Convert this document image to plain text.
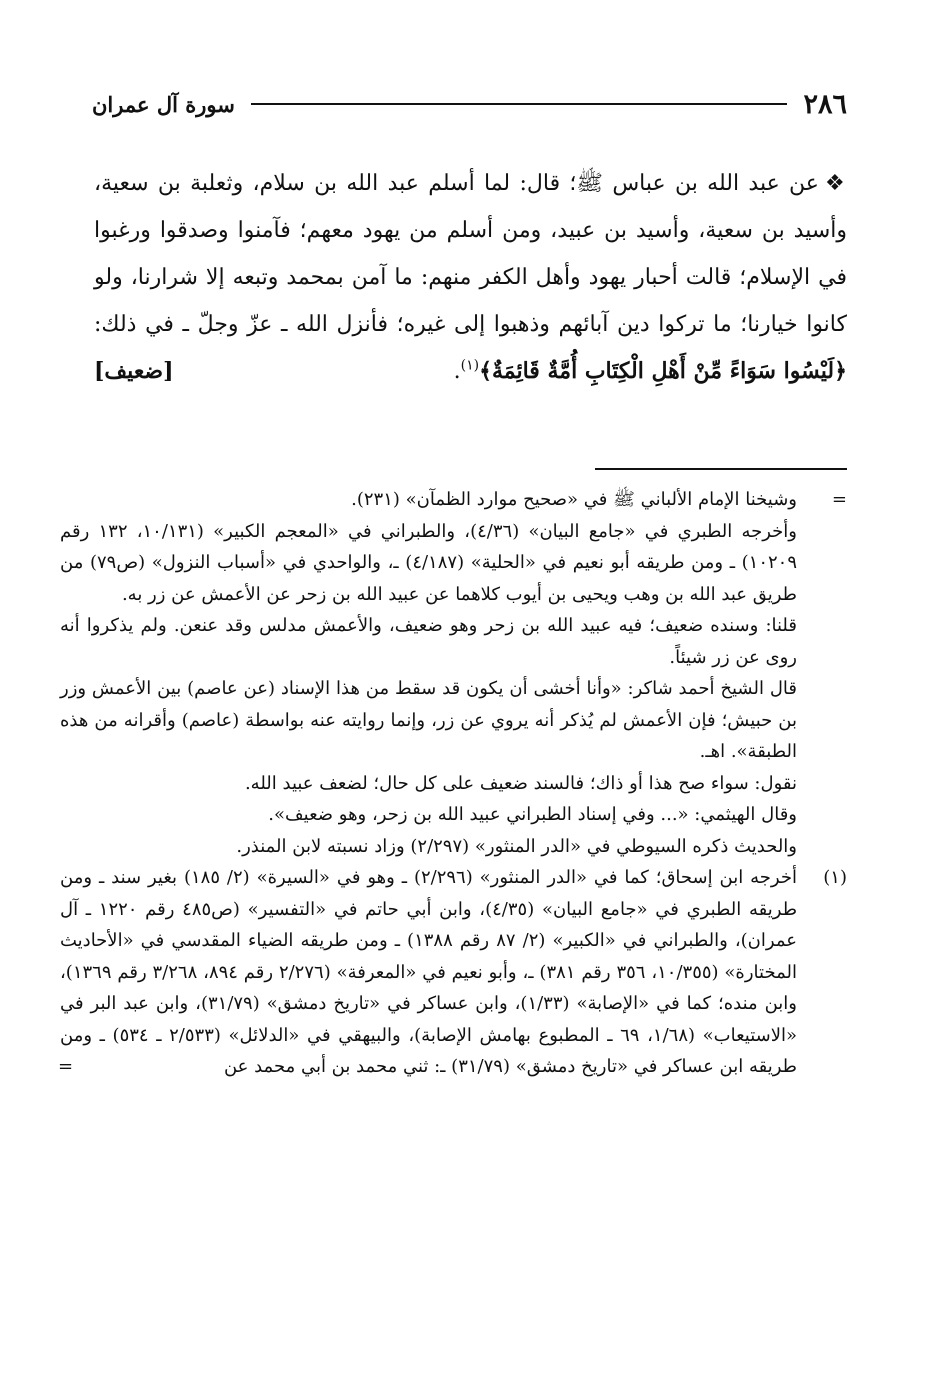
٢٨٦
سورة آل عمران
❖عن عبد الله بن عباس ﷺ؛ قال: لما أسلم عبد الله بن سلام، وثعلبة بن سعية، وأسيد بن سعية، وأسيد بن عبيد، ومن أسلم من يهود معهم؛ فآمنوا وصدقوا ورغبوا في الإسلام؛ قالت أحبار يهود وأهل الكفر منهم: ما آمن بمحمد وتبعه إلا شرارنا، ولو كانوا خيارنا؛ ما تركوا دين آبائهم وذهبوا إلى غيره؛ فأنزل الله ـ عزّ وجلّ ـ في ذلك: ﴿لَيْسُوا سَوَاءً مِّنْ أَهْلِ الْكِتَابِ أُمَّةٌ قَائِمَةٌ﴾$^{(١)}$.
[ضعيف]
=

وشيخنا الإمام الألباني ﷺ في «صحيح موارد الظمآن» (٢٣١).

وأخرجه الطبري في «جامع البيان» (٤/٣٦)، والطبراني في «المعجم الكبير» (١٠/١٣١، ١٣٢ رقم ١٠٢٠٩) ـ ومن طريقه أبو نعيم في «الحلية» (٤/١٨٧) ـ، والواحدي في «أسباب النزول» (ص٧٩) من طريق عبد الله بن وهب ويحيى بن أيوب كلاهما عن عبيد الله بن زحر عن الأعمش عن زر به.

قلنا: وسنده ضعيف؛ فيه عبيد الله بن زحر وهو ضعيف، والأعمش مدلس وقد عنعن. ولم يذكروا أنه روى عن زر شيئاً.

قال الشيخ أحمد شاكر: «وأنا أخشى أن يكون قد سقط من هذا الإسناد (عن عاصم) بين الأعمش وزر بن حبيش؛ فإن الأعمش لم يُذكر أنه يروي عن زر، وإنما روايته عنه بواسطة (عاصم) وأقرانه من هذه الطبقة». اهـ.

نقول: سواء صح هذا أو ذاك؛ فالسند ضعيف على كل حال؛ لضعف عبيد الله.

وقال الهيثمي: «... وفي إسناد الطبراني عبيد الله بن زحر، وهو ضعيف».

والحديث ذكره السيوطي في «الدر المنثور» (٢/٢٩٧) وزاد نسبته لابن المنذر.

(١)

أخرجه ابن إسحاق؛ كما في «الدر المنثور» (٢/٢٩٦) ـ وهو في «السيرة» (٢/ ١٨٥) بغير سند ـ ومن طريقه الطبري في «جامع البيان» (٤/٣٥)، وابن أبي حاتم في «التفسير» (ص٤٨٥ رقم ١٢٢٠ ـ آل عمران)، والطبراني في «الكبير» (٢/ ٨٧ رقم ١٣٨٨) ـ ومن طريقه الضياء المقدسي في «الأحاديث المختارة» (١٠/٣٥٥، ٣٥٦ رقم ٣٨١) ـ، وأبو نعيم في «المعرفة» (٢/٢٧٦ رقم ٨٩٤، ٣/٢٦٨ رقم ١٣٦٩)، وابن منده؛ كما في «الإصابة» (١/٣٣)، وابن عساكر في «تاريخ دمشق» (٣١/٧٩)، وابن عبد البر في «الاستيعاب» (١/٦٨، ٦٩ ـ المطبوع بهامش الإصابة)، والبيهقي في «الدلائل» (٢/٥٣٣ ـ ٥٣٤) ـ ومن طريقه ابن عساكر في «تاريخ دمشق» (٣١/٧٩) ـ: ثني محمد بن أبي محمد عن

=
